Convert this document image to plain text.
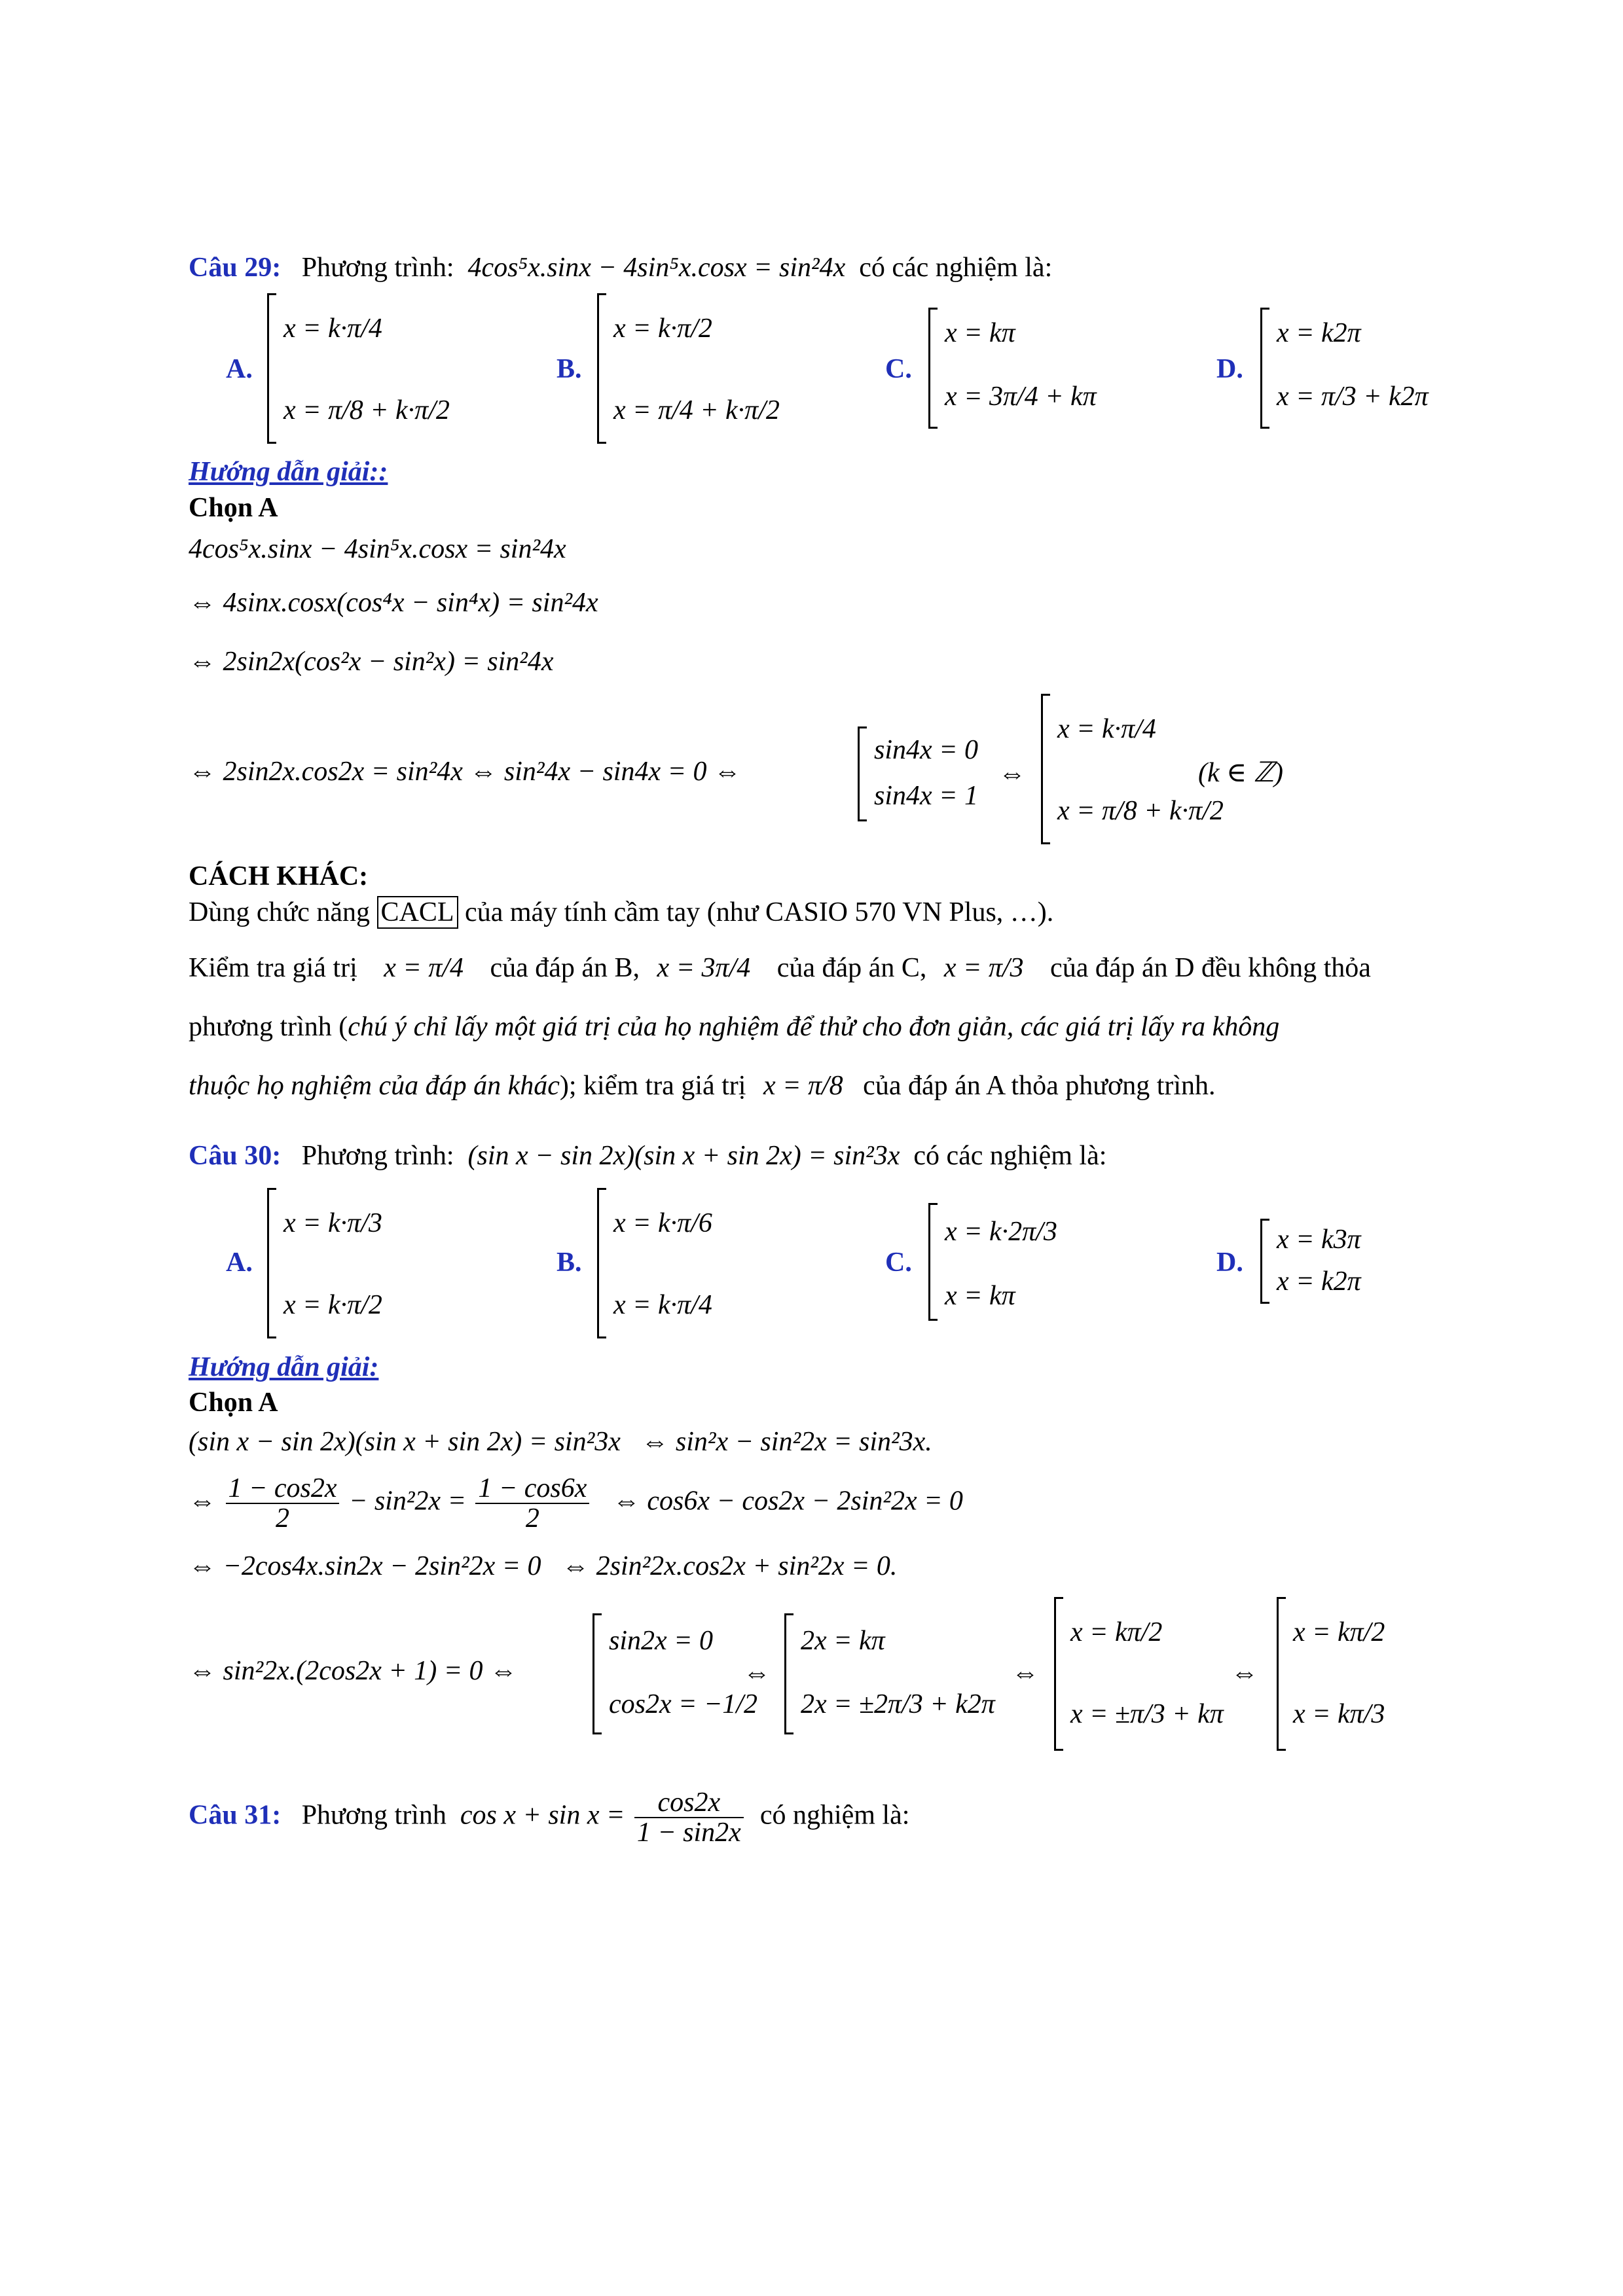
Câu 29: Phương trình: 4cos⁵x.sinx − 4sin⁵x.cosx = sin²4x có các nghiệm là:
A.
x = k·π/4
x = π/8 + k·π/2
B.
x = k·π/2
x = π/4 + k·π/2
C.
x = kπ
x = 3π/4 + kπ
D.
x = k2π
x = π/3 + k2π
Hướng dẫn giải::
Chọn A
4cos⁵x.sinx − 4sin⁵x.cosx = sin²4x
⇔ 4sinx.cosx(cos⁴x − sin⁴x) = sin²4x
⇔ 2sin2x(cos²x − sin²x) = sin²4x
⇔ 2sin2x.cos2x = sin²4x ⇔ sin²4x − sin4x = 0 ⇔
sin4x = 0
sin4x = 1
⇔
x = k·π/4
x = π/8 + k·π/2
(k ∈ ℤ)
CÁCH KHÁC:
Dùng chức năng CACL của máy tính cầm tay (như CASIO 570 VN Plus, …).
Kiểm tra giá trị x = π/4 của đáp án B, x = 3π/4 của đáp án C, x = π/3 của đáp án D đều không thỏa
phương trình (chú ý chỉ lấy một giá trị của họ nghiệm để thử cho đơn giản, các giá trị lấy ra không
thuộc họ nghiệm của đáp án khác); kiểm tra giá trị x = π/8 của đáp án A thỏa phương trình.
Câu 30: Phương trình: (sin x − sin 2x)(sin x + sin 2x) = sin²3x có các nghiệm là:
A.
x = k·π/3
x = k·π/2
B.
x = k·π/6
x = k·π/4
C.
x = k·2π/3
x = kπ
D.
x = k3π
x = k2π
Hướng dẫn giải:
Chọn A
(sin x − sin 2x)(sin x + sin 2x) = sin²3x ⇔ sin²x − sin²2x = sin²3x.
⇔ $\frac{1 - \cos 2x}{2} - \sin^22x = \frac{1 - \cos 6x}{2}$ ⇔ cos6x − cos2x − 2sin²2x = 0
⇔ −2cos4x.sin2x − 2sin²2x = 0 ⇔ 2sin²2x.cos2x + sin²2x = 0.
⇔ sin²2x.(2cos2x + 1) = 0 ⇔
sin2x = 0
cos2x = −1/2
⇔
2x = kπ
2x = ±2π/3 + k2π
⇔
x = kπ/2
x = ±π/3 + kπ
⇔
x = kπ/2
x = kπ/3
Câu 31: Phương trình $\cos x + \sin x = \frac{\cos 2x}{1 - \sin 2x}$ có nghiệm là:
